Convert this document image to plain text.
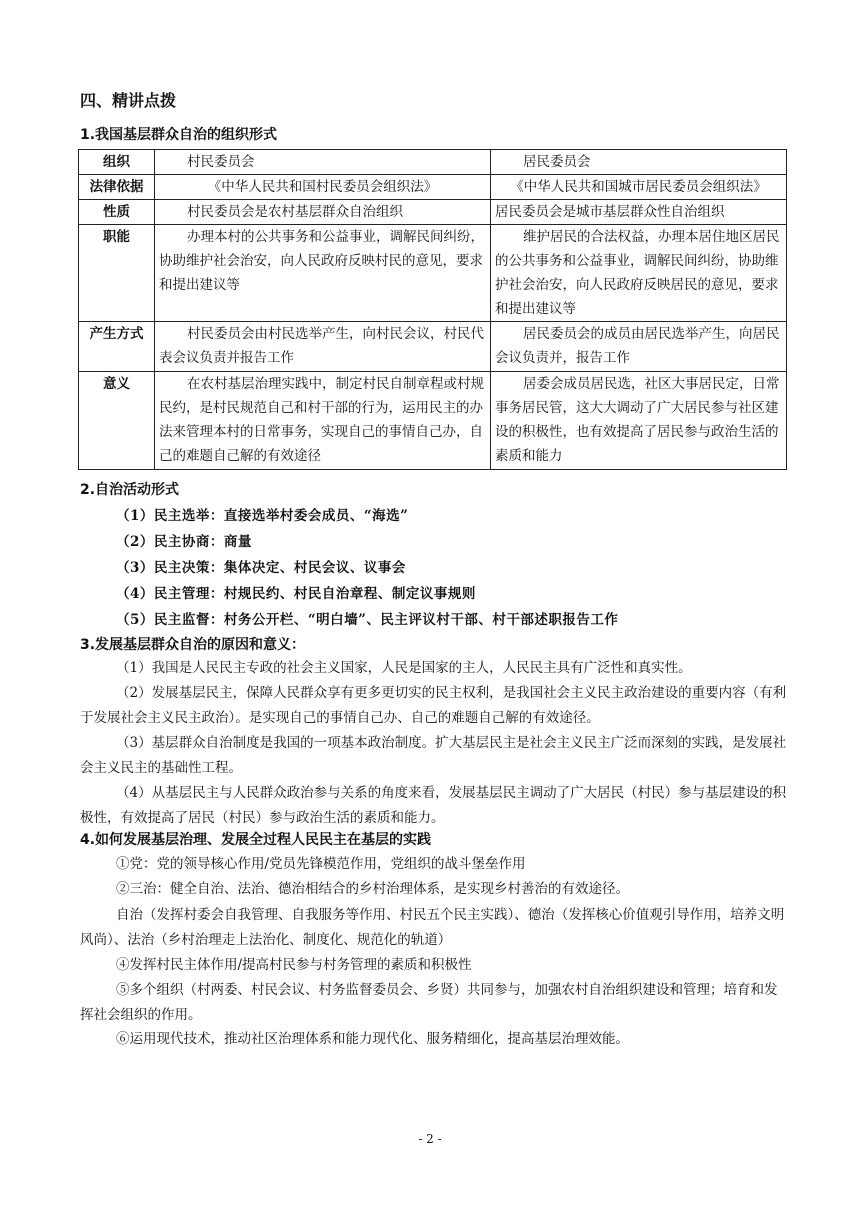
四、精讲点拨
1.我国基层群众自治的组织形式
组织	村民委员会	居民委员会
法律依据	《中华人民共和国村民委员会组织法》	《中华人民共和国城市居民委员会组织法》
性质	村民委员会是农村基层群众自治组织	居民委员会是城市基层群众性自治组织
职能	办理本村的公共事务和公益事业，调解民间纠纷，协助维护社会治安，向人民政府反映村民的意见，要求和提出建议等	维护居民的合法权益，办理本居住地区居民的公共事务和公益事业，调解民间纠纷，协助维护社会治安，向人民政府反映居民的意见，要求和提出建议等
产生方式	村民委员会由村民选举产生，向村民会议，村民代表会议负责并报告工作	居民委员会的成员由居民选举产生，向居民会议负责并，报告工作
意义	在农村基层治理实践中，制定村民自制章程或村规民约，是村民规范自己和村干部的行为，运用民主的办法来管理本村的日常事务，实现自己的事情自己办，自己的难题自己解的有效途径	居委会成员居民选，社区大事居民定，日常事务居民管，这大大调动了广大居民参与社区建设的积极性，也有效提高了居民参与政治生活的素质和能力
2.自治活动形式
（1）民主选举：直接选举村委会成员、“海选”
（2）民主协商：商量
（3）民主决策：集体决定、村民会议、议事会
（4）民主管理：村规民约、村民自治章程、制定议事规则
（5）民主监督：村务公开栏、“明白墙”、民主评议村干部、村干部述职报告工作
3.发展基层群众自治的原因和意义：
（1）我国是人民民主专政的社会主义国家，人民是国家的主人，人民民主具有广泛性和真实性。
（2）发展基层民主，保障人民群众享有更多更切实的民主权利，是我国社会主义民主政治建设的重要内容（有利于发展社会主义民主政治）。是实现自己的事情自己办、自己的难题自己解的有效途径。
（3）基层群众自治制度是我国的一项基本政治制度。扩大基层民主是社会主义民主广泛而深刻的实践，是发展社会主义民主的基础性工程。
（4）从基层民主与人民群众政治参与关系的角度来看，发展基层民主调动了广大居民（村民）参与基层建设的积极性，有效提高了居民（村民）参与政治生活的素质和能力。
4.如何发展基层治理、发展全过程人民民主在基层的实践
①党：党的领导核心作用/党员先锋模范作用，党组织的战斗堡垒作用
②三治：健全自治、法治、德治相结合的乡村治理体系，是实现乡村善治的有效途径。
自治（发挥村委会自我管理、自我服务等作用、村民五个民主实践）、德治（发挥核心价值观引导作用，培养文明风尚）、法治（乡村治理走上法治化、制度化、规范化的轨道）
④发挥村民主体作用/提高村民参与村务管理的素质和积极性
⑤多个组织（村两委、村民会议、村务监督委员会、乡贤）共同参与，加强农村自治组织建设和管理；培育和发挥社会组织的作用。
⑥运用现代技术，推动社区治理体系和能力现代化、服务精细化，提高基层治理效能。
- 2 -
